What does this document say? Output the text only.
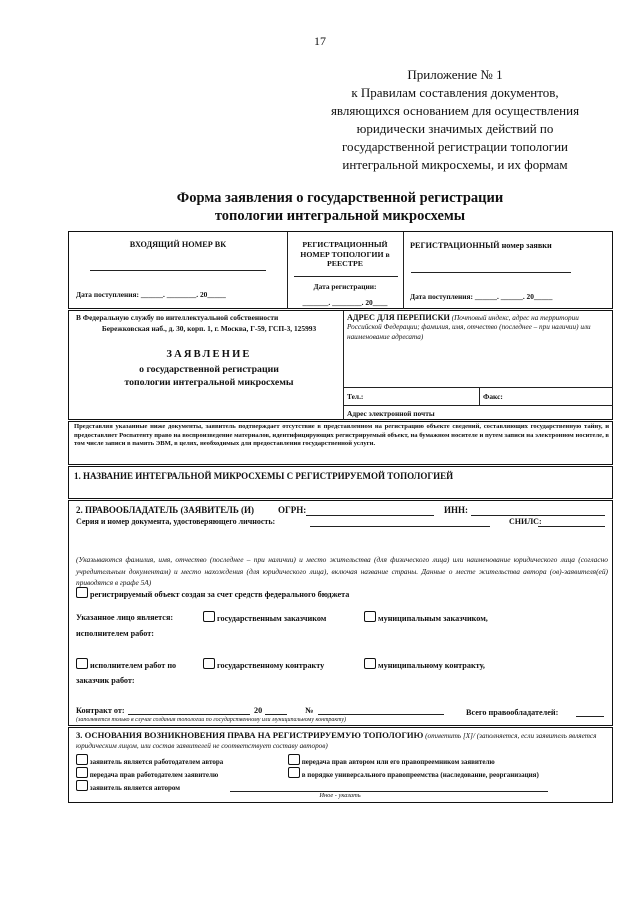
17
Приложение № 1
к Правилам составления документов,
являющихся основанием для осуществления
юридически значимых действий по
государственной регистрации топологии
интегральной микросхемы, и их формам
Форма заявления о государственной регистрации
топологии интегральной микросхемы
ВХОДЯЩИЙ НОМЕР ВК
Дата поступления: ______. ________. 20_____
РЕГИСТРАЦИОННЫЙ
НОМЕР ТОПОЛОГИИ в
РЕЕСТРЕ
Дата регистрации:
_______. ________. 20____
РЕГИСТРАЦИОННЫЙ номер заявки
Дата поступления: ______. ______. 20_____
В Федеральную службу по интеллектуальной собственности
Бережковская наб., д. 30, корп. 1, г. Москва, Г-59, ГСП-3, 125993
ЗАЯВЛЕНИЕ
о государственной регистрации
топологии интегральной микросхемы
АДРЕС ДЛЯ ПЕРЕПИСКИ (Почтовый индекс, адрес на территории Российской Федерации; фамилия, имя, отчество (последнее – при наличии) или наименование адресата)
Тел.:	Факс:
Адрес электронной почты
Представляя указанные ниже документы, заявитель подтверждает отсутствие в представленном на регистрацию объекте сведений, составляющих государственную тайну, и предоставляет Роспатенту право на воспроизведение материалов, идентифицирующих регистрируемый объект, на бумажном носителе и путем записи на электронном носителе, в том числе записи в память ЭВМ, в целях, необходимых для предоставления государственной услуги.
1. НАЗВАНИЕ ИНТЕГРАЛЬНОЙ МИКРОСХЕМЫ С РЕГИСТРИРУЕМОЙ ТОПОЛОГИЕЙ
2. ПРАВООБЛАДАТЕЛЬ (ЗАЯВИТЕЛЬ (И)	ОГРН:	ИНН:
Серия и номер документа, удостоверяющего личность:	СНИЛС:
(Указываются фамилия, имя, отчество (последнее – при наличии) и место жительства (для физического лица) или наименование юридического лица (согласно учредительным документам) и место нахождения (для юридического лица), включая название страны. Данные о месте жительства автора (ов)-заявителя(ей) приводятся в графе 5А)
регистрируемый объект создан за счет средств федерального бюджета
Указанное лицо является:	государственным заказчиком	муниципальным заказчиком,
исполнителем работ:
исполнителем работ по	государственному контракту	муниципальному контракту,
заказчик работ:
Контракт от:	20	№	Всего правообладателей:
(заполняется только в случае создания топологии по государственному или муниципальному контракту)
3. ОСНОВАНИЯ ВОЗНИКНОВЕНИЯ ПРАВА НА РЕГИСТРИРУЕМУЮ ТОПОЛОГИЮ (отметить [X]/ (заполняется, если заявитель является юридическим лицом, или состав заявителей не соответствует составу авторов)
заявитель является работодателем автора
передача прав работодателем заявителю
заявитель является автором
передача прав автором или его правопреемником заявителю
в порядке универсального правопреемства (наследование, реорганизация)
Иное - указать
